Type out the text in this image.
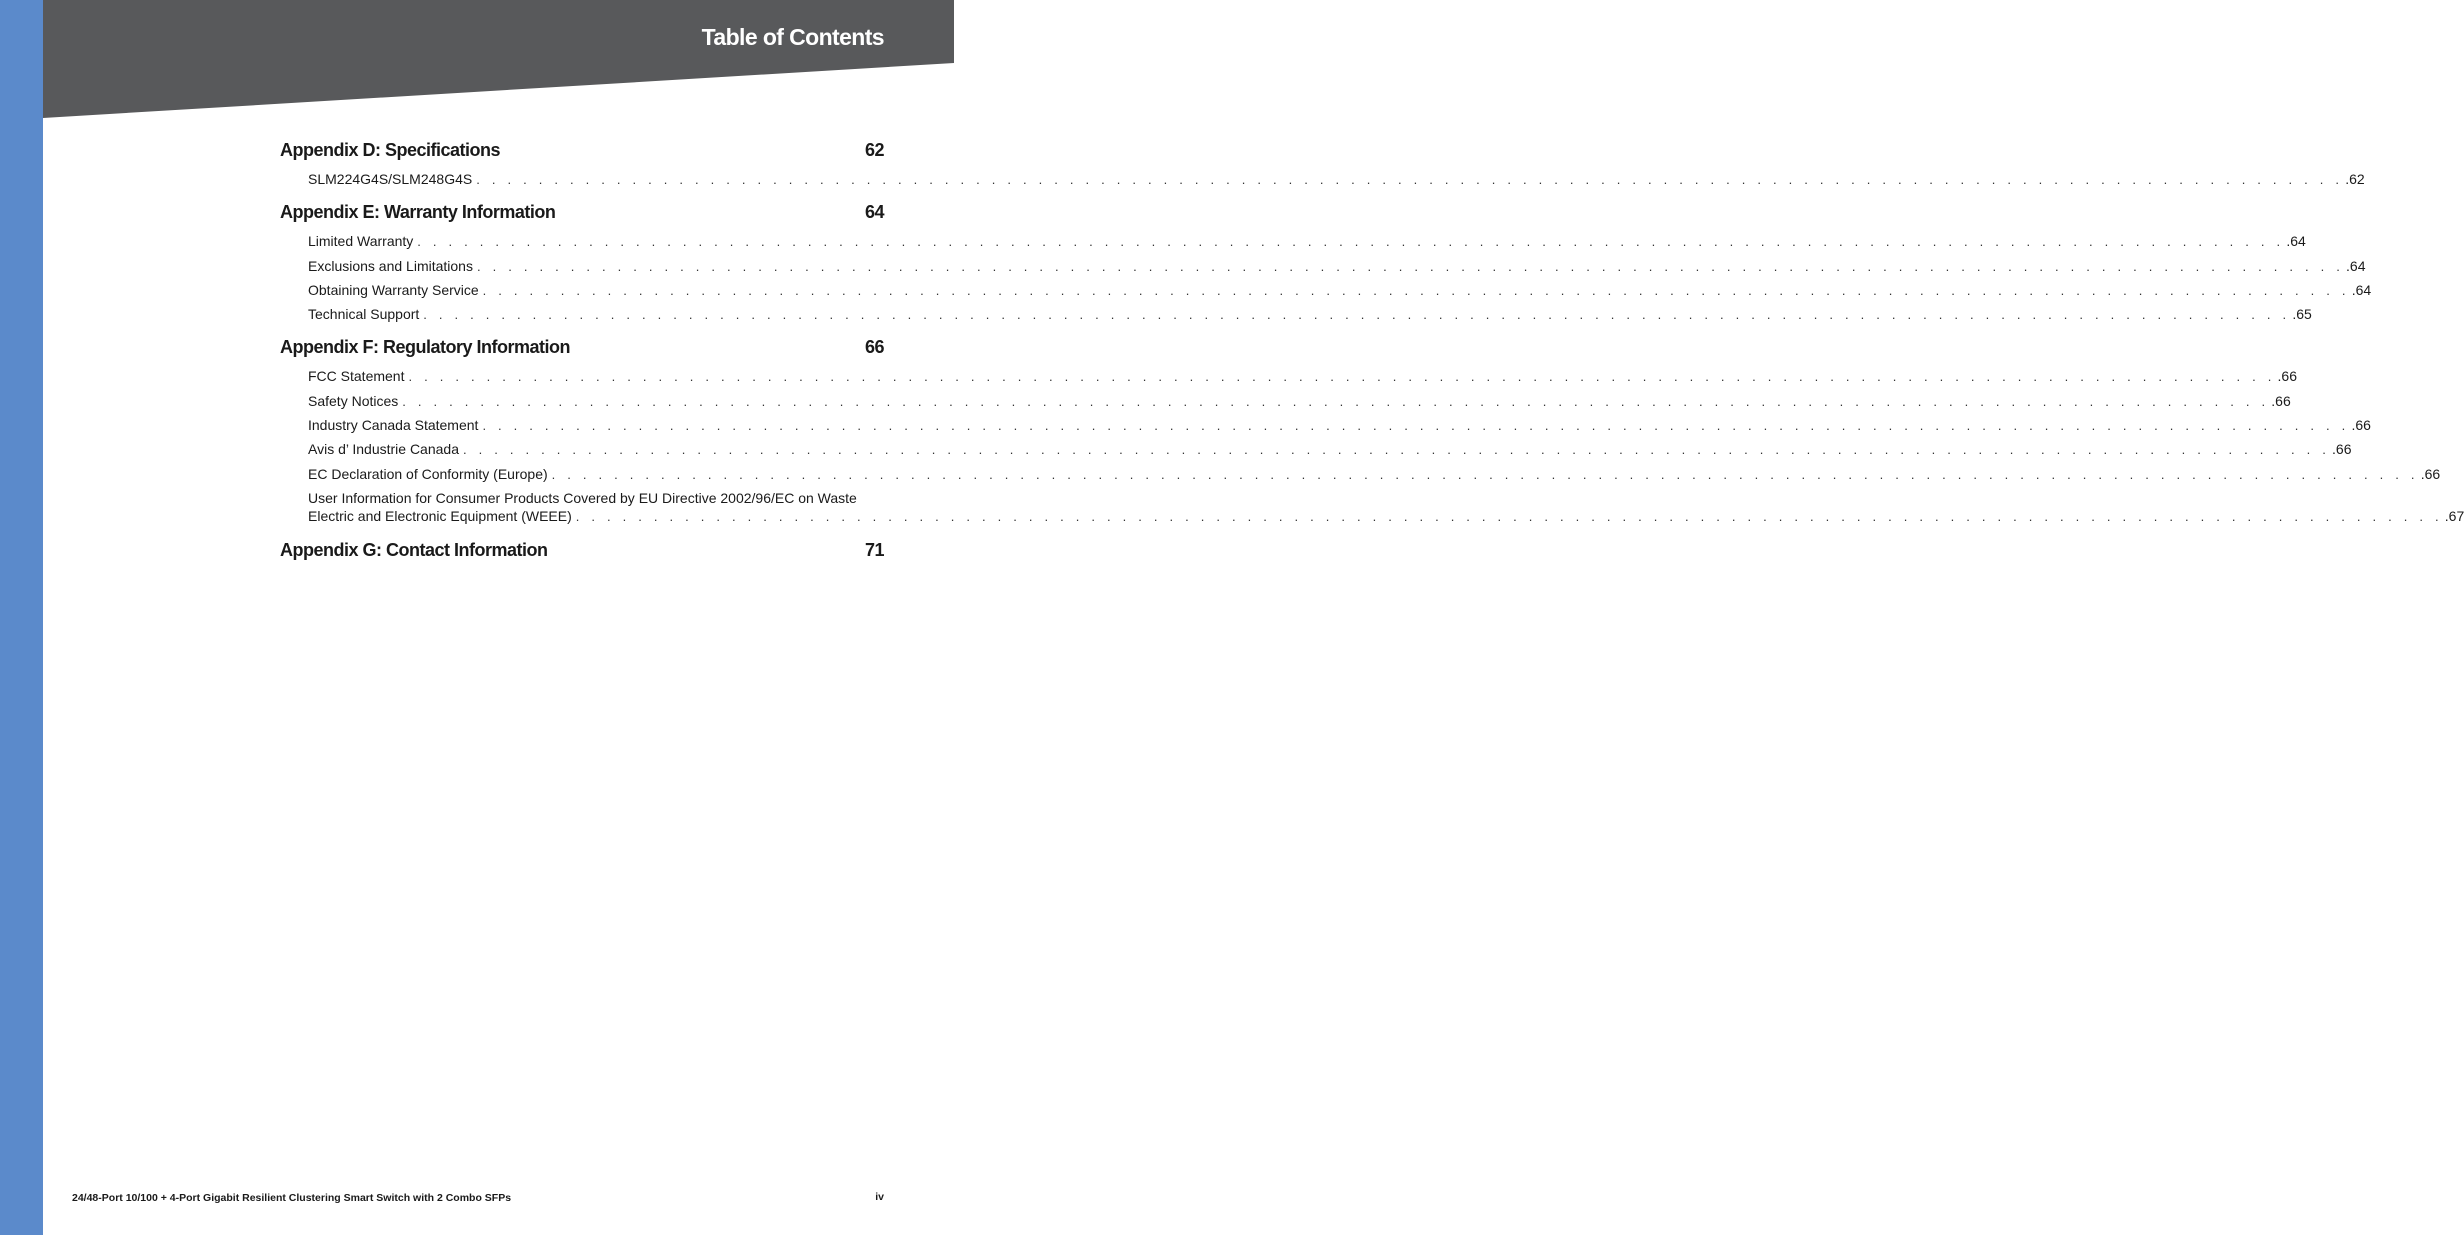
Table of Contents
Appendix D: Specifications	62
SLM224G4S/SLM248G4S . . . . . . . . . . . . . . . . . . . . . . . . . . . . . . . . . . . . . . . . . . . . . . . . . . . . . . . . . . . . . . . . . . . . . . . . . . . . . . . . . . . . . . . . . . . . . . . . . . . . . . . . . . . . . . . . . . . . . . . . .62
Appendix E: Warranty Information	64
Limited Warranty . . . . . . . . . . . . . . . . . . . . . . . . . . . . . . . . . . . . . . . . . . . . . . . . . . . . . . . . . . . . . . . . . . . . . . . . . . . . . . . . . . . . . . . . . . . . . . . . . . . . . . . . . . . . . . . . . . . . . . . . .64
Exclusions and Limitations . . . . . . . . . . . . . . . . . . . . . . . . . . . . . . . . . . . . . . . . . . . . . . . . . . . . . . . . . . . . . . . . . . . . . . . . . . . . . . . . . . . . . . . . . . . . . . . . . . . . . . . . . . . . . . . . . . . . . . . . .64
Obtaining Warranty Service . . . . . . . . . . . . . . . . . . . . . . . . . . . . . . . . . . . . . . . . . . . . . . . . . . . . . . . . . . . . . . . . . . . . . . . . . . . . . . . . . . . . . . . . . . . . . . . . . . . . . . . . . . . . . . . . . . . . . . . . .64
Technical Support . . . . . . . . . . . . . . . . . . . . . . . . . . . . . . . . . . . . . . . . . . . . . . . . . . . . . . . . . . . . . . . . . . . . . . . . . . . . . . . . . . . . . . . . . . . . . . . . . . . . . . . . . . . . . . . . . . . . . . . . .65
Appendix F: Regulatory Information	66
FCC Statement . . . . . . . . . . . . . . . . . . . . . . . . . . . . . . . . . . . . . . . . . . . . . . . . . . . . . . . . . . . . . . . . . . . . . . . . . . . . . . . . . . . . . . . . . . . . . . . . . . . . . . . . . . . . . . . . . . . . . . . . .66
Safety Notices . . . . . . . . . . . . . . . . . . . . . . . . . . . . . . . . . . . . . . . . . . . . . . . . . . . . . . . . . . . . . . . . . . . . . . . . . . . . . . . . . . . . . . . . . . . . . . . . . . . . . . . . . . . . . . . . . . . . . . . . .66
Industry Canada Statement . . . . . . . . . . . . . . . . . . . . . . . . . . . . . . . . . . . . . . . . . . . . . . . . . . . . . . . . . . . . . . . . . . . . . . . . . . . . . . . . . . . . . . . . . . . . . . . . . . . . . . . . . . . . . . . . . . . . . . . . .66
Avis d’ Industrie Canada . . . . . . . . . . . . . . . . . . . . . . . . . . . . . . . . . . . . . . . . . . . . . . . . . . . . . . . . . . . . . . . . . . . . . . . . . . . . . . . . . . . . . . . . . . . . . . . . . . . . . . . . . . . . . . . . . . . . . . . . .66
EC Declaration of Conformity (Europe) . . . . . . . . . . . . . . . . . . . . . . . . . . . . . . . . . . . . . . . . . . . . . . . . . . . . . . . . . . . . . . . . . . . . . . . . . . . . . . . . . . . . . . . . . . . . . . . . . . . . . . . . . . . . . . . . . . . . . . . . .66
User Information for Consumer Products Covered by EU Directive 2002/96/EC on Waste
Electric and Electronic Equipment (WEEE) . . . . . . . . . . . . . . . . . . . . . . . . . . . . . . . . . . . . . . . . . . . . . . . . . . . . . . . . . . . . . . . . . . . . . . . . . . . . . . . . . . . . . . . . . . . . . . . . . . . . . . . . . . . . . . . . . . . . . . . . .67
Appendix G: Contact Information	71
24/48-Port 10/100 + 4-Port Gigabit Resilient Clustering Smart Switch with 2 Combo SFPs	iv
